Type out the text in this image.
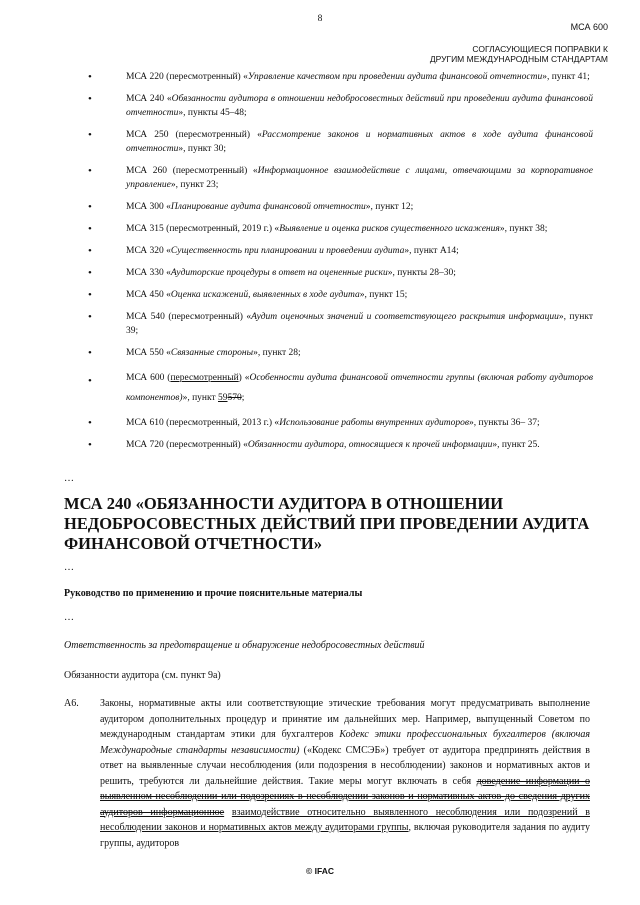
8
МСА 600
СОГЛАСУЮЩИЕСЯ ПОПРАВКИ К
ДРУГИМ МЕЖДУНАРОДНЫМ СТАНДАРТАМ
•	МСА 220 (пересмотренный) «Управление качеством при проведении аудита финансовой отчетности», пункт 41;
•	МСА 240 «Обязанности аудитора в отношении недобросовестных действий при проведении аудита финансовой отчетности», пункты 45–48;
•	МСА 250 (пересмотренный) «Рассмотрение законов и нормативных актов в ходе аудита финансовой отчетности», пункт 30;
•	МСА 260 (пересмотренный) «Информационное взаимодействие с лицами, отвечающими за корпоративное управление», пункт 23;
•	МСА 300 «Планирование аудита финансовой отчетности», пункт 12;
•	МСА 315 (пересмотренный, 2019 г.) «Выявление и оценка рисков существенного искажения», пункт 38;
•	МСА 320 «Существенность при планировании и проведении аудита», пункт A14;
•	МСА 330 «Аудиторские процедуры в ответ на оцененные риски», пункты 28–30;
•	МСА 450 «Оценка искажений, выявленных в ходе аудита», пункт 15;
•	МСА 540 (пересмотренный) «Аудит оценочных значений и соответствующего раскрытия информации», пункт 39;
•	МСА 550 «Связанные стороны», пункт 28;
•	МСА 600 (пересмотренный) «Особенности аудита финансовой отчетности группы (включая работу аудиторов компонентов)», пункт 59570;
•	МСА 610 (пересмотренный, 2013 г.) «Использование работы внутренних аудиторов», пункты 36– 37;
•	МСА 720 (пересмотренный) «Обязанности аудитора, относящиеся к прочей информации», пункт 25.
…
МСА 240 «ОБЯЗАННОСТИ АУДИТОРА В ОТНОШЕНИИ НЕДОБРОСОВЕСТНЫХ ДЕЙСТВИЙ ПРИ ПРОВЕДЕНИИ АУДИТА ФИНАНСОВОЙ ОТЧЕТНОСТИ»
…
Руководство по применению и прочие пояснительные материалы
…
Ответственность за предотвращение и обнаружение недобросовестных действий
Обязанности аудитора (см. пункт 9а)
A6. Законы, нормативные акты или соответствующие этические требования могут предусматривать выполнение аудитором дополнительных процедур и принятие им дальнейших мер. Например, выпущенный Советом по международным стандартам этики для бухгалтеров Кодекс этики профессиональных бухгалтеров (включая Международные стандарты независимости) («Кодекс СМСЭБ») требует от аудитора предпринять действия в ответ на выявленные случаи несоблюдения (или подозрения в несоблюдении) законов и нормативных актов и решить, требуются ли дальнейшие действия. Такие меры могут включать в себя доведение информации о выявленном несоблюдении или подозрениях в несоблюдении законов и нормативных актов до сведения других аудиторов информационное взаимодействие относительно выявленного несоблюдения или подозрений в несоблюдении законов и нормативных актов между аудиторами группы, включая руководителя задания по аудиту группы, аудиторов
© IFAC
